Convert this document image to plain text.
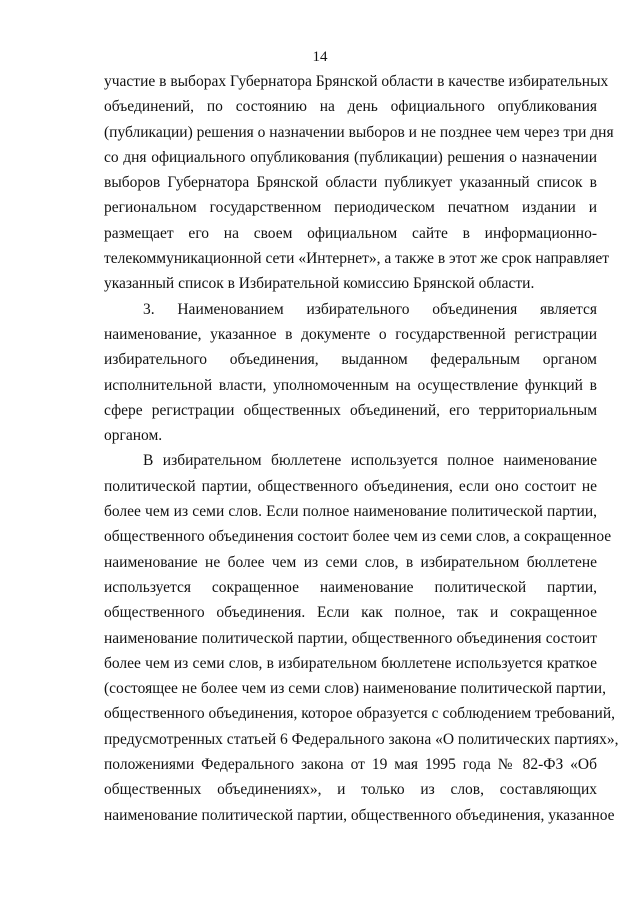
14
участие в выборах Губернатора Брянской области в качестве избирательных
объединений, по состоянию на день официального опубликования
(публикации) решения о назначении выборов и не позднее чем через три дня
со дня официального опубликования (публикации) решения о назначении
выборов Губернатора Брянской области публикует указанный список в
региональном государственном периодическом печатном издании и
размещает его на своем официальном сайте в информационно-
телекоммуникационной сети «Интернет», а также в этот же срок направляет
указанный список в Избирательной комиссию Брянской области.
3. Наименованием избирательного объединения является
наименование, указанное в документе о государственной регистрации
избирательного объединения, выданном федеральным органом
исполнительной власти, уполномоченным на осуществление функций в
сфере регистрации общественных объединений, его территориальным
органом.
В избирательном бюллетене используется полное наименование
политической партии, общественного объединения, если оно состоит не
более чем из семи слов. Если полное наименование политической партии,
общественного объединения состоит более чем из семи слов, а сокращенное
наименование не более чем из семи слов, в избирательном бюллетене
используется сокращенное наименование политической партии,
общественного объединения. Если как полное, так и сокращенное
наименование политической партии, общественного объединения состоит
более чем из семи слов, в избирательном бюллетене используется краткое
(состоящее не более чем из семи слов) наименование политической партии,
общественного объединения, которое образуется с соблюдением требований,
предусмотренных статьей 6 Федерального закона «О политических партиях»,
положениями Федерального закона от 19 мая 1995 года № 82-ФЗ «Об
общественных объединениях», и только из слов, составляющих
наименование политической партии, общественного объединения, указанное
